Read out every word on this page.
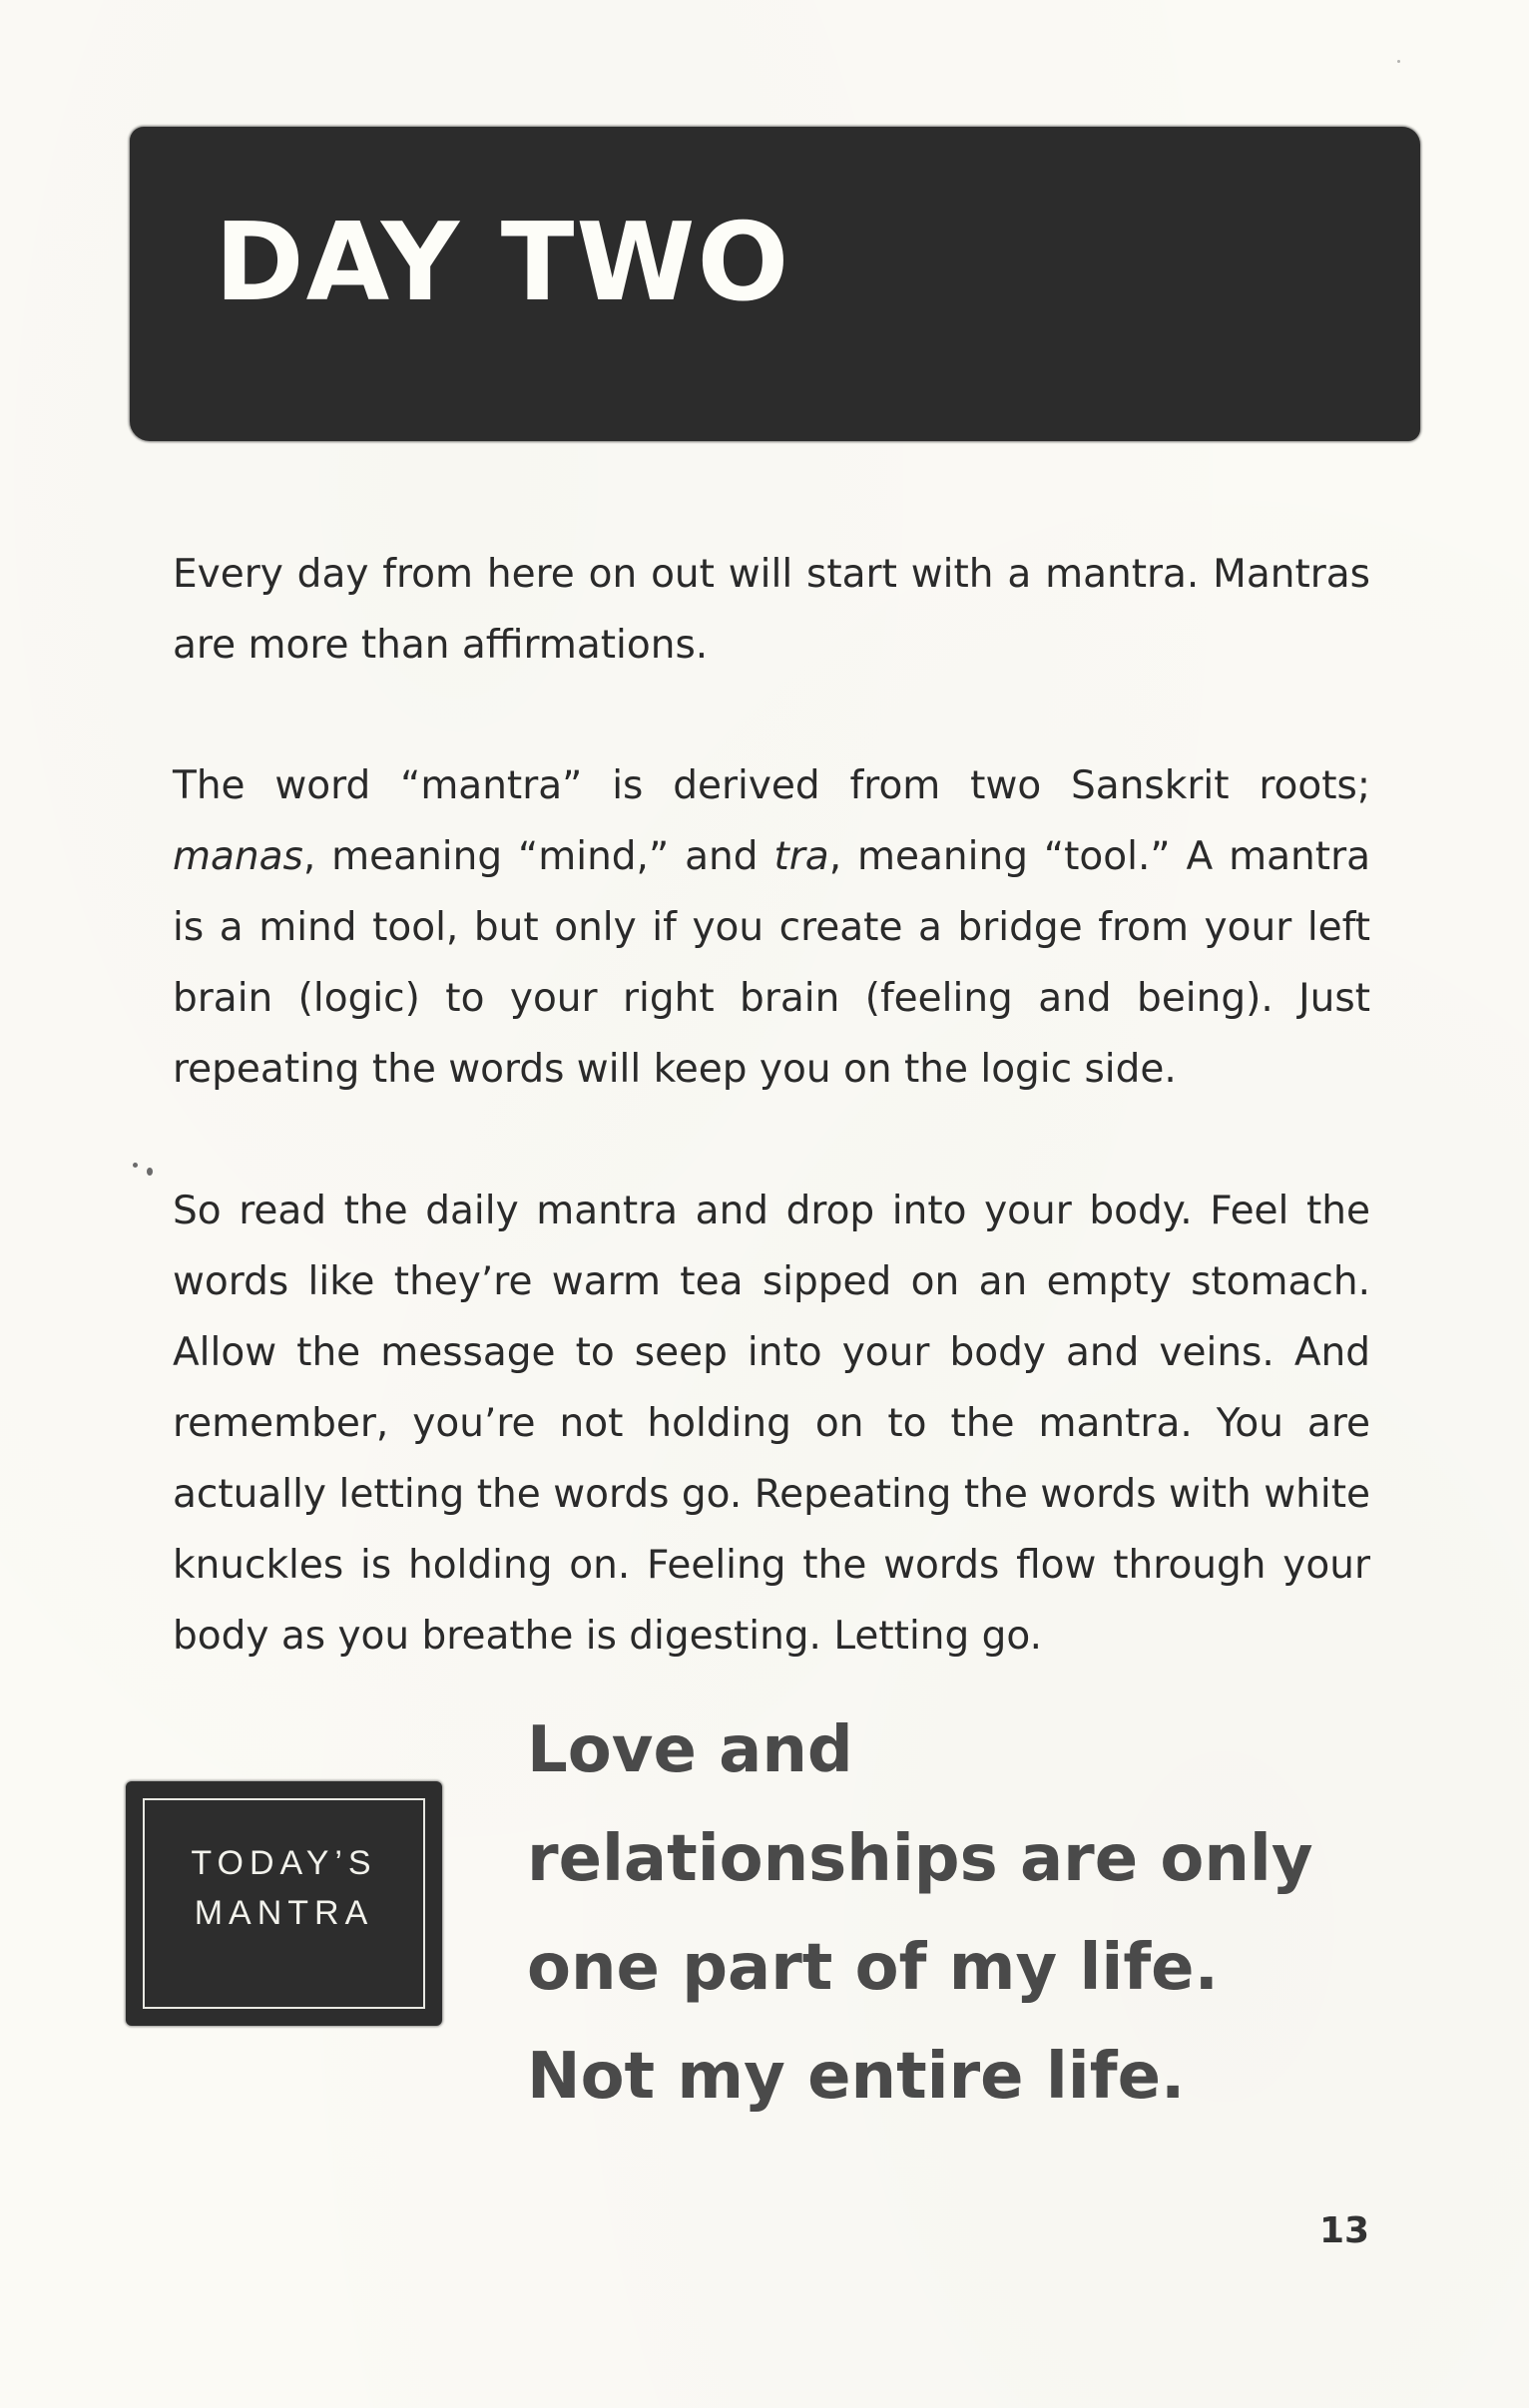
DAY TWO

Every day from here on out will start with a mantra. Mantras are more than affirmations.

The word “mantra” is derived from two Sanskrit roots; manas, meaning “mind,” and tra, meaning “tool.” A mantra is a mind tool, but only if you create a bridge from your left brain (logic) to your right brain (feeling and being). Just repeating the words will keep you on the logic side.

So read the daily mantra and drop into your body. Feel the words like they’re warm tea sipped on an empty stomach. Allow the message to seep into your body and veins. And remember, you’re not holding on to the mantra. You are actually letting the words go. Repeating the words with white knuckles is holding on. Feeling the words flow through your body as you breathe is digesting. Letting go.

TODAY’S
MANTRA

Love and
relationships are only
one part of my life.
Not my entire life.

13
